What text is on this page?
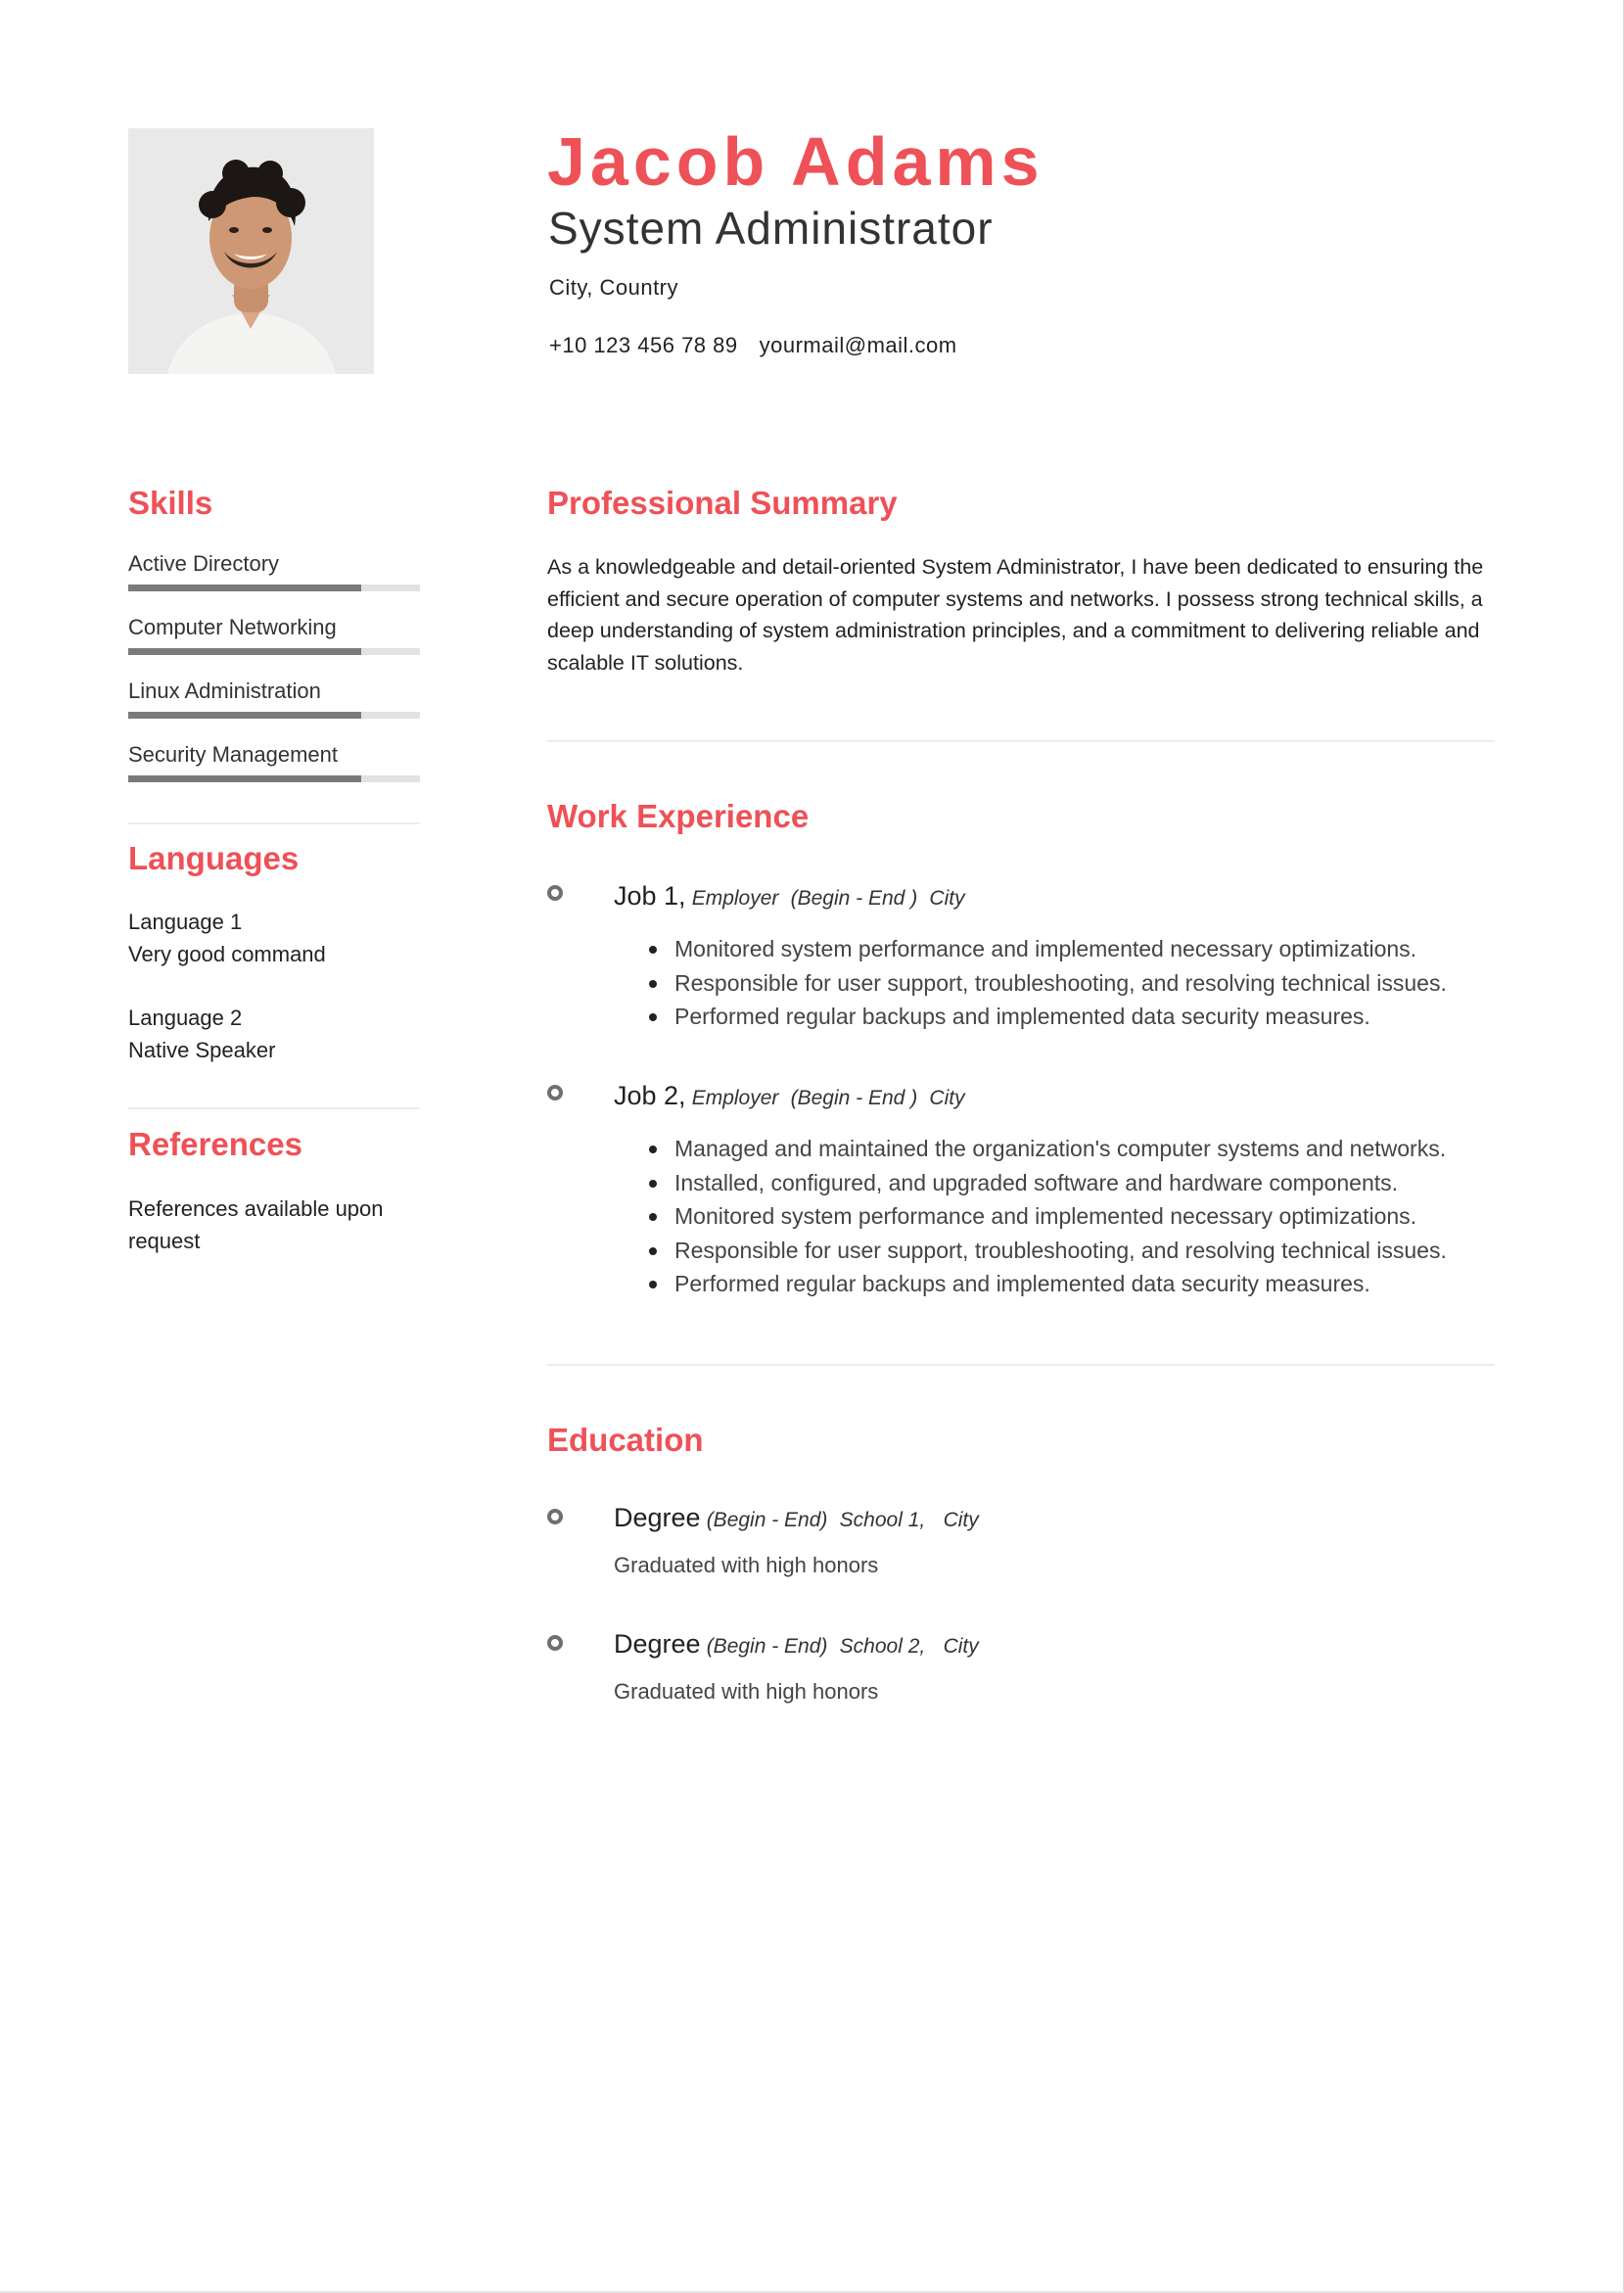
Skills
Active Directory
Computer Networking
Linux Administration
Security Management
Languages
Language 1
Very good command
Language 2
Native Speaker
References
References available upon request
Jacob Adams
System Administrator
City, Country
+10 123 456 78 89 yourmail@mail.com
Professional Summary

As a knowledgeable and detail-oriented System Administrator, I have been dedicated to ensuring the efficient and secure operation of computer systems and networks. I possess strong technical skills, a deep understanding of system administration principles, and a commitment to delivering reliable and scalable IT solutions.

Work Experience
Job 1, Employer (Begin - End ) City
Monitored system performance and implemented necessary optimizations.
Responsible for user support, troubleshooting, and resolving technical issues.
Performed regular backups and implemented data security measures.
Job 2, Employer (Begin - End ) City
Managed and maintained the organization's computer systems and networks.
Installed, configured, and upgraded software and hardware components.
Monitored system performance and implemented necessary optimizations.
Responsible for user support, troubleshooting, and resolving technical issues.
Performed regular backups and implemented data security measures.
Education
Degree (Begin - End) School 1, City
Graduated with high honors
Degree (Begin - End) School 2, City
Graduated with high honors
